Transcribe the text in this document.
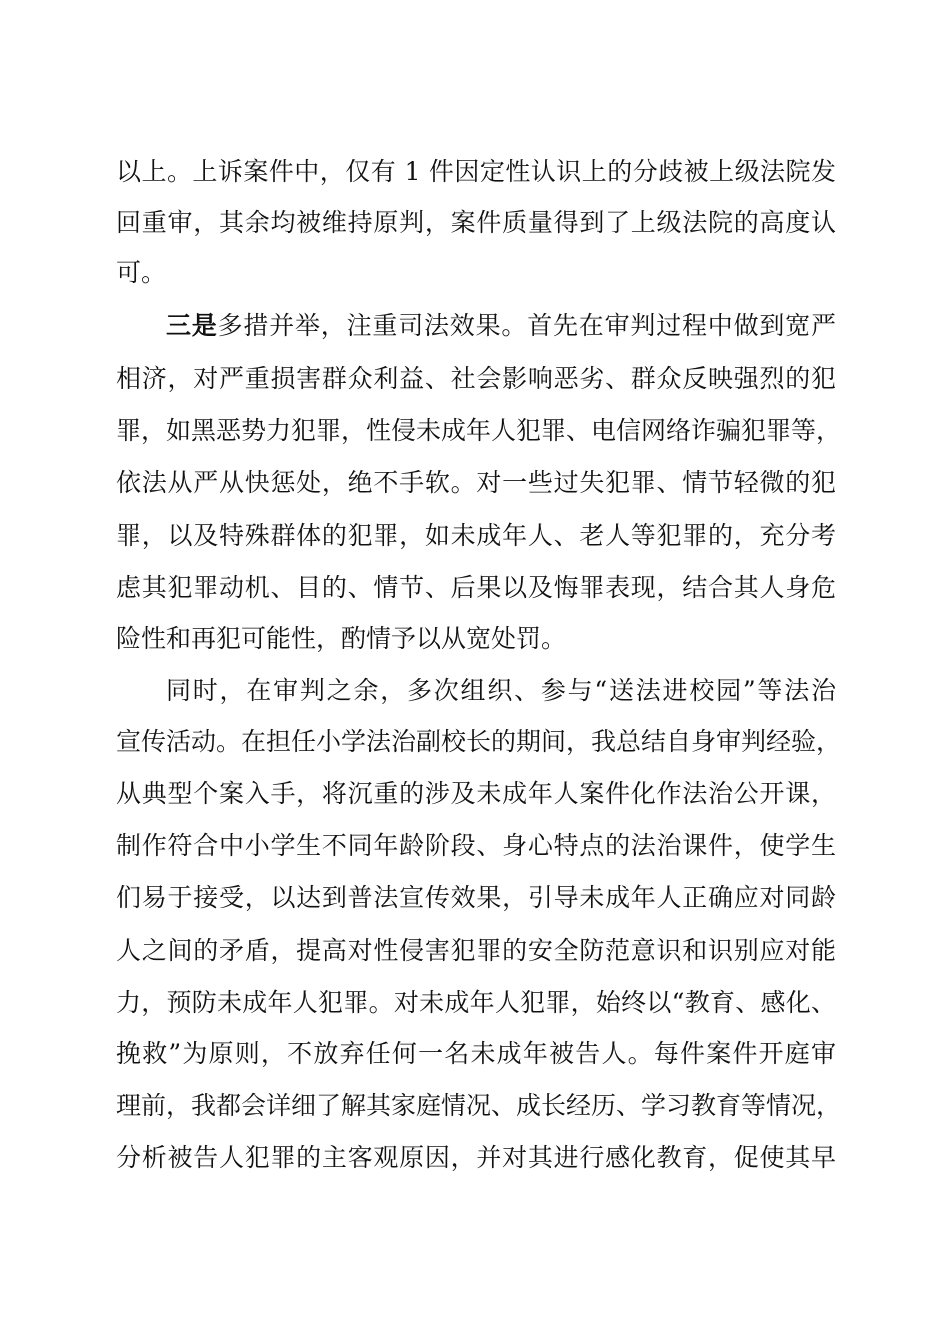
以上。上诉案件中，仅有 1 件因定性认识上的分歧被上级法院发
回重审，其余均被维持原判，案件质量得到了上级法院的高度认
可。
三是多措并举，注重司法效果。首先在审判过程中做到宽严
相济，对严重损害群众利益、社会影响恶劣、群众反映强烈的犯
罪，如黑恶势力犯罪，性侵未成年人犯罪、电信网络诈骗犯罪等，
依法从严从快惩处，绝不手软。对一些过失犯罪、情节轻微的犯
罪，以及特殊群体的犯罪，如未成年人、老人等犯罪的，充分考
虑其犯罪动机、目的、情节、后果以及悔罪表现，结合其人身危
险性和再犯可能性，酌情予以从宽处罚。
同时，在审判之余，多次组织、参与“送法进校园”等法治
宣传活动。在担任小学法治副校长的期间，我总结自身审判经验，
从典型个案入手，将沉重的涉及未成年人案件化作法治公开课，
制作符合中小学生不同年龄阶段、身心特点的法治课件，使学生
们易于接受，以达到普法宣传效果，引导未成年人正确应对同龄
人之间的矛盾，提高对性侵害犯罪的安全防范意识和识别应对能
力，预防未成年人犯罪。对未成年人犯罪，始终以“教育、感化、
挽救”为原则，不放弃任何一名未成年被告人。每件案件开庭审
理前，我都会详细了解其家庭情况、成长经历、学习教育等情况，
分析被告人犯罪的主客观原因，并对其进行感化教育，促使其早
